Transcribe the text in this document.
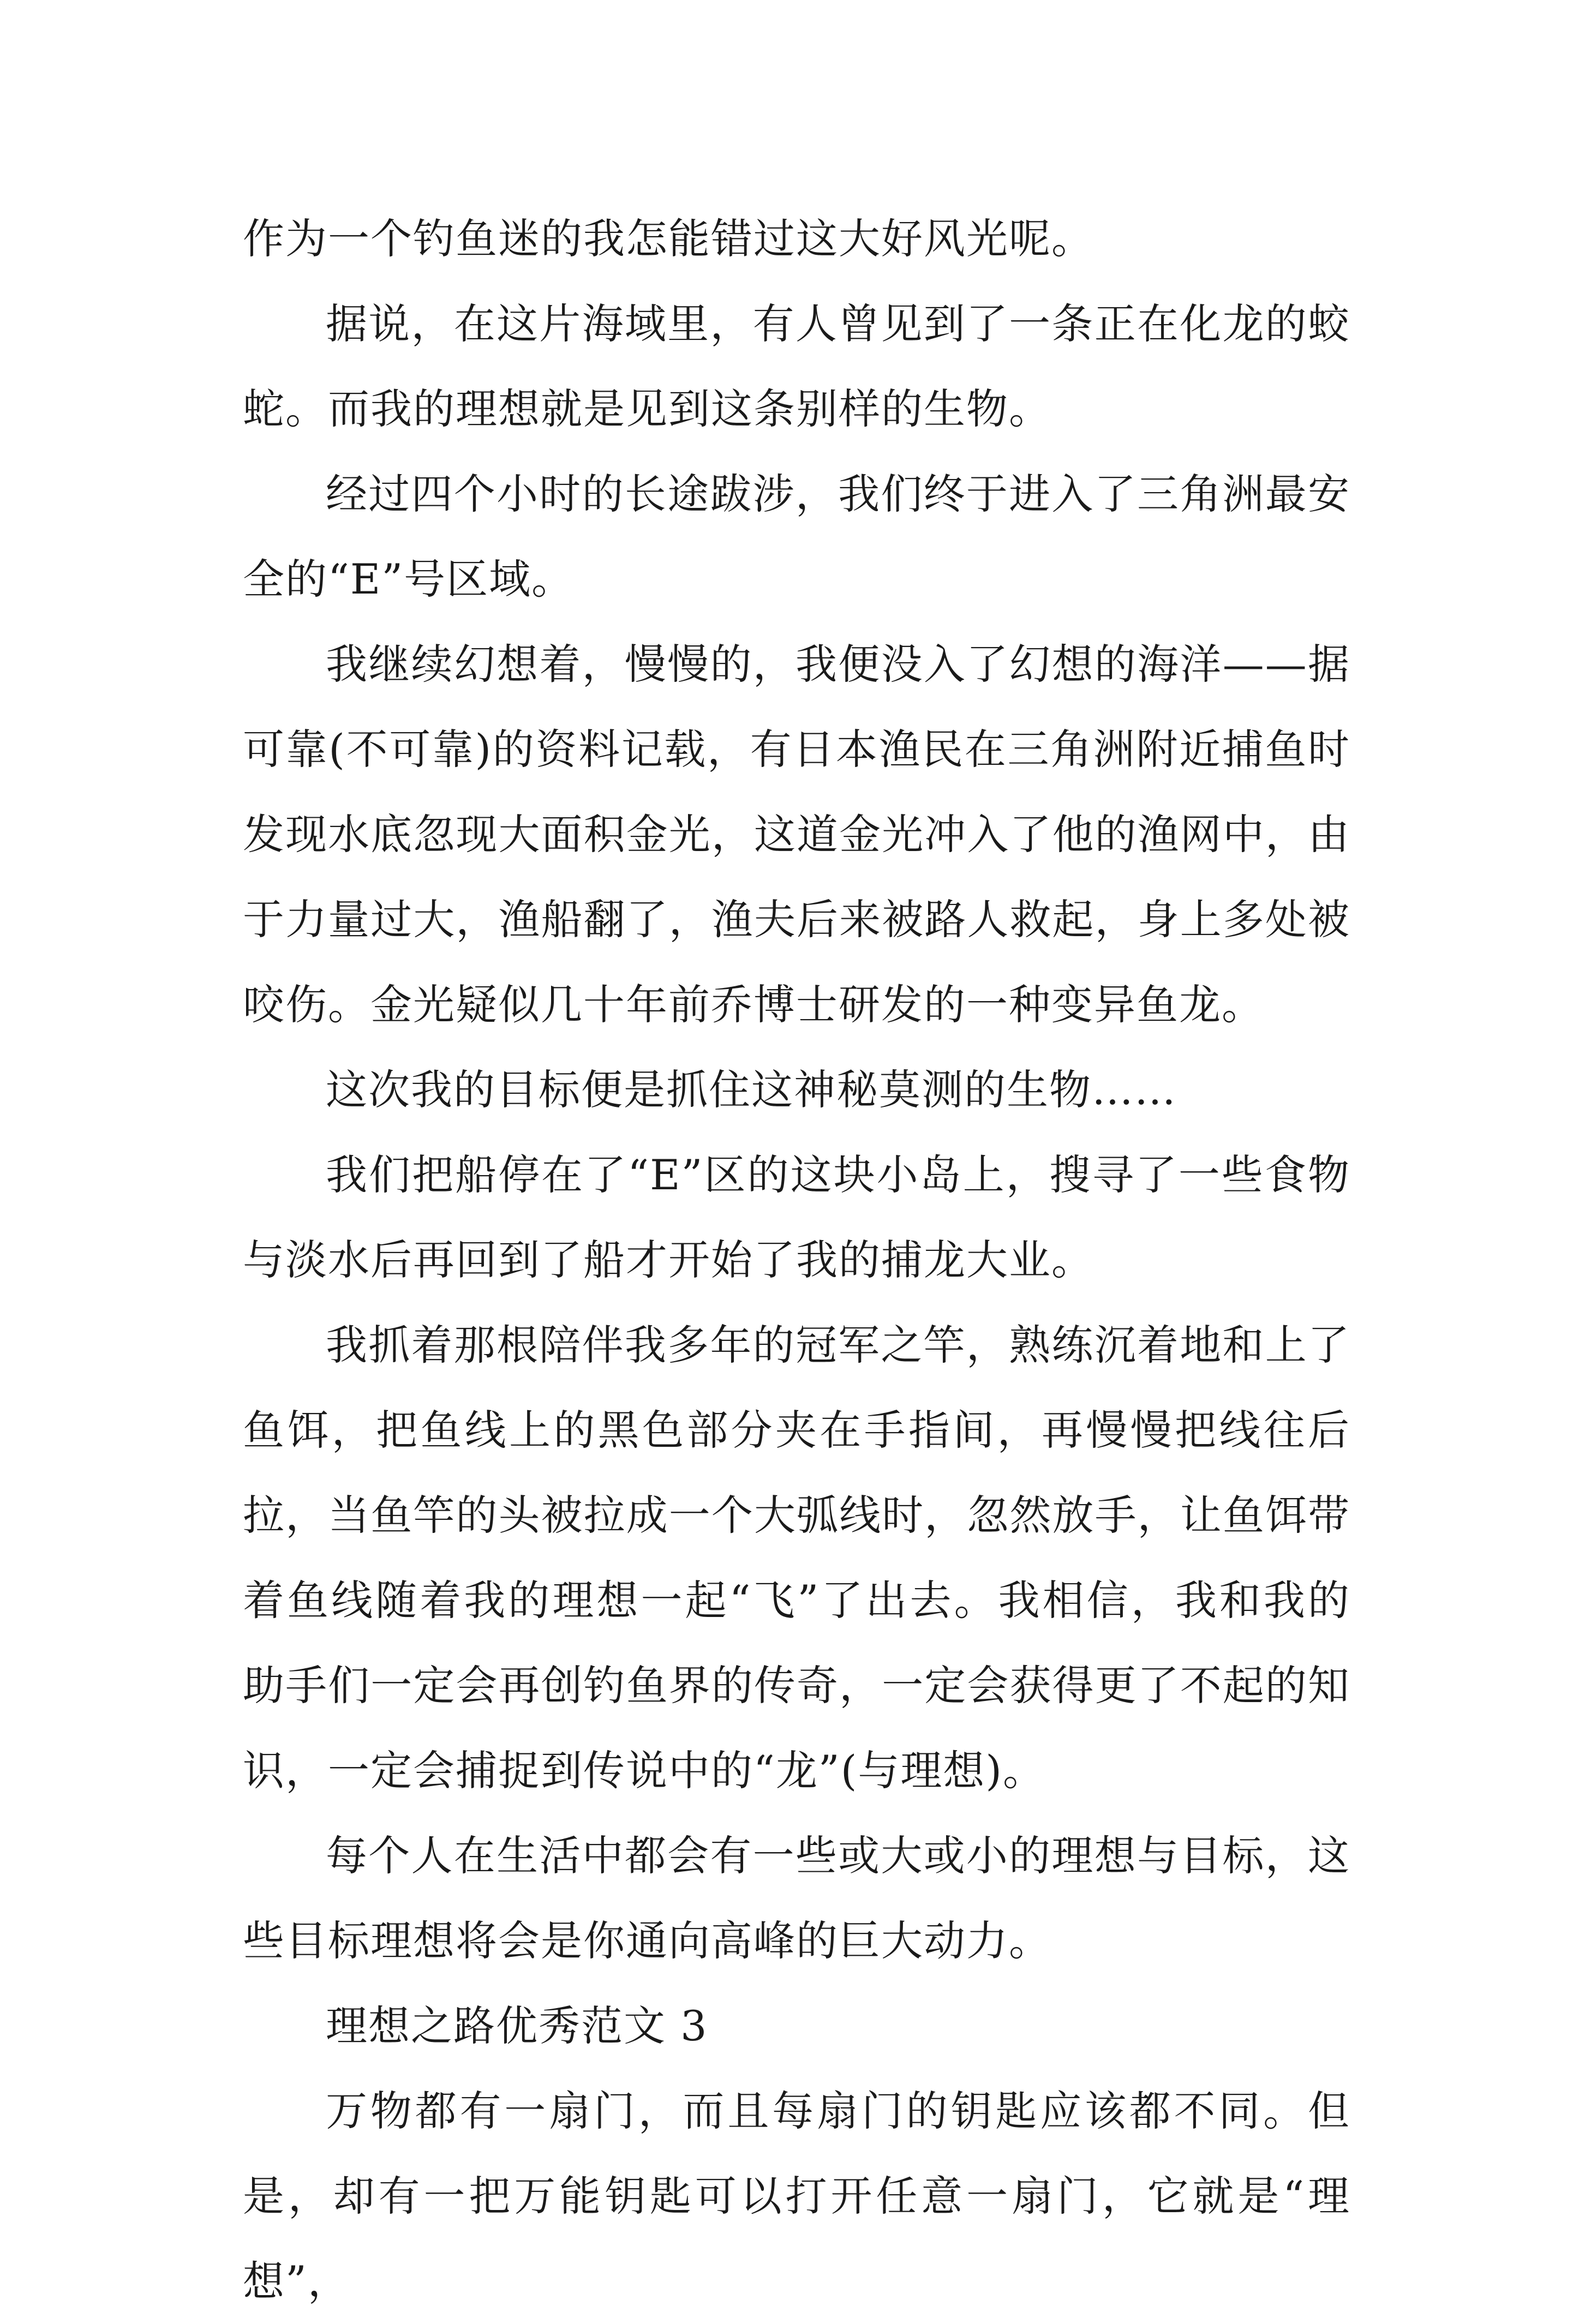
作为一个钓鱼迷的我怎能错过这大好风光呢。

据说，在这片海域里，有人曾见到了一条正在化龙的蛟蛇。而我的理想就是见到这条别样的生物。

经过四个小时的长途跋涉，我们终于进入了三角洲最安全的“E”号区域。

我继续幻想着，慢慢的，我便没入了幻想的海洋——据可靠(不可靠)的资料记载，有日本渔民在三角洲附近捕鱼时发现水底忽现大面积金光，这道金光冲入了他的渔网中，由于力量过大，渔船翻了，渔夫后来被路人救起，身上多处被咬伤。金光疑似几十年前乔博士研发的一种变异鱼龙。

这次我的目标便是抓住这神秘莫测的生物……

我们把船停在了“E”区的这块小岛上，搜寻了一些食物与淡水后再回到了船才开始了我的捕龙大业。

我抓着那根陪伴我多年的冠军之竿，熟练沉着地和上了鱼饵，把鱼线上的黑色部分夹在手指间，再慢慢把线往后拉，当鱼竿的头被拉成一个大弧线时，忽然放手，让鱼饵带着鱼线随着我的理想一起“飞”了出去。我相信，我和我的助手们一定会再创钓鱼界的传奇，一定会获得更了不起的知识，一定会捕捉到传说中的“龙”(与理想)。

每个人在生活中都会有一些或大或小的理想与目标，这些目标理想将会是你通向高峰的巨大动力。

理想之路优秀范文 3

万物都有一扇门，而且每扇门的钥匙应该都不同。但是，却有一把万能钥匙可以打开任意一扇门，它就是“理想”，
